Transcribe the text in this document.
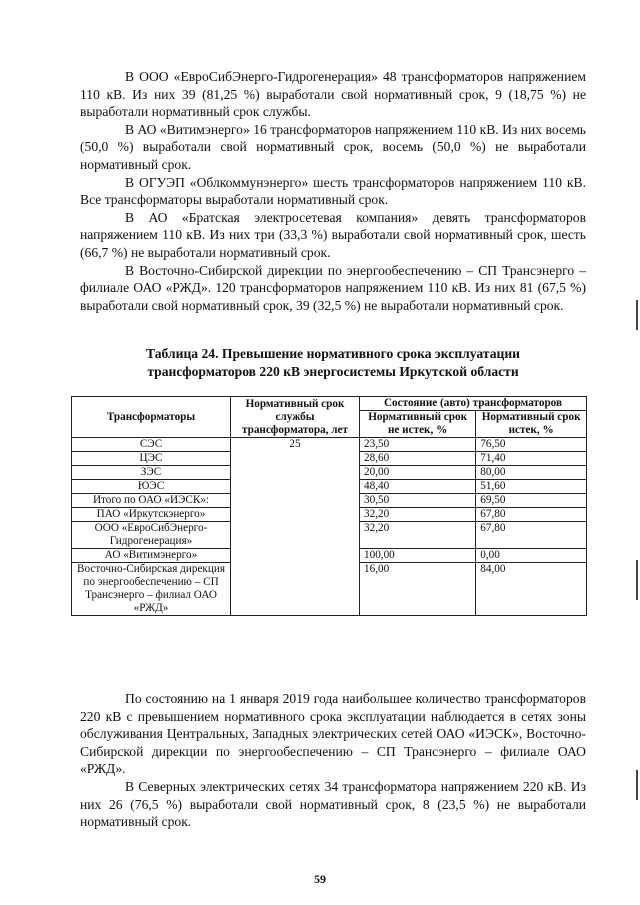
В ООО «ЕвроСибЭнерго-Гидрогенерация» 48 трансформаторов напряжением 110 кВ. Из них 39 (81,25 %) выработали свой нормативный срок, 9 (18,75 %) не выработали нормативный срок службы.

В АО «Витимэнерго» 16 трансформаторов напряжением 110 кВ. Из них восемь (50,0 %) выработали свой нормативный срок, восемь (50,0 %) не выработали нормативный срок.

В ОГУЭП «Облкоммунэнерго» шесть трансформаторов напряжением 110 кВ. Все трансформаторы выработали нормативный срок.

В АО «Братская электросетевая компания» девять трансформаторов напряжением 110 кВ. Из них три (33,3 %) выработали свой нормативный срок, шесть (66,7 %) не выработали нормативный срок.

В Восточно-Сибирской дирекции по энергообеспечению – СП Трансэнерго – филиале ОАО «РЖД». 120 трансформаторов напряжением 110 кВ. Из них 81 (67,5 %) выработали свой нормативный срок, 39 (32,5 %) не выработали нормативный срок.

Таблица 24. Превышение нормативного срока эксплуатации
трансформаторов 220 кВ энергосистемы Иркутской области
Трансформаторы	Нормативный срок службы трансформатора, лет	Состояние (авто) трансформаторов	
		Нормативный срок не истек, %	Нормативный срок истек, %
СЭС	25	23,50	76,50
ЦЭС		28,60	71,40
ЗЭС		20,00	80,00
ЮЭС		48,40	51,60
Итого по ОАО «ИЭСК»:		30,50	69,50
ПАО «Иркутскэнерго»		32,20	67,80
ООО «ЕвроСибЭнерго-Гидрогенерация»		32,20	67,80
АО «Витимэнерго»		100,00	0,00
Восточно-Сибирская дирекция по энергообеспечению – СП Трансэнерго – филиал ОАО «РЖД»		16,00	84,00

По состоянию на 1 января 2019 года наибольшее количество трансформаторов 220 кВ с превышением нормативного срока эксплуатации наблюдается в сетях зоны обслуживания Центральных, Западных электрических сетей ОАО «ИЭСК», Восточно-Сибирской дирекции по энергообеспечению – СП Трансэнерго – филиале ОАО «РЖД».

В Северных электрических сетях 34 трансформатора напряжением 220 кВ. Из них 26 (76,5 %) выработали свой нормативный срок, 8 (23,5 %) не выработали нормативный срок.

59
